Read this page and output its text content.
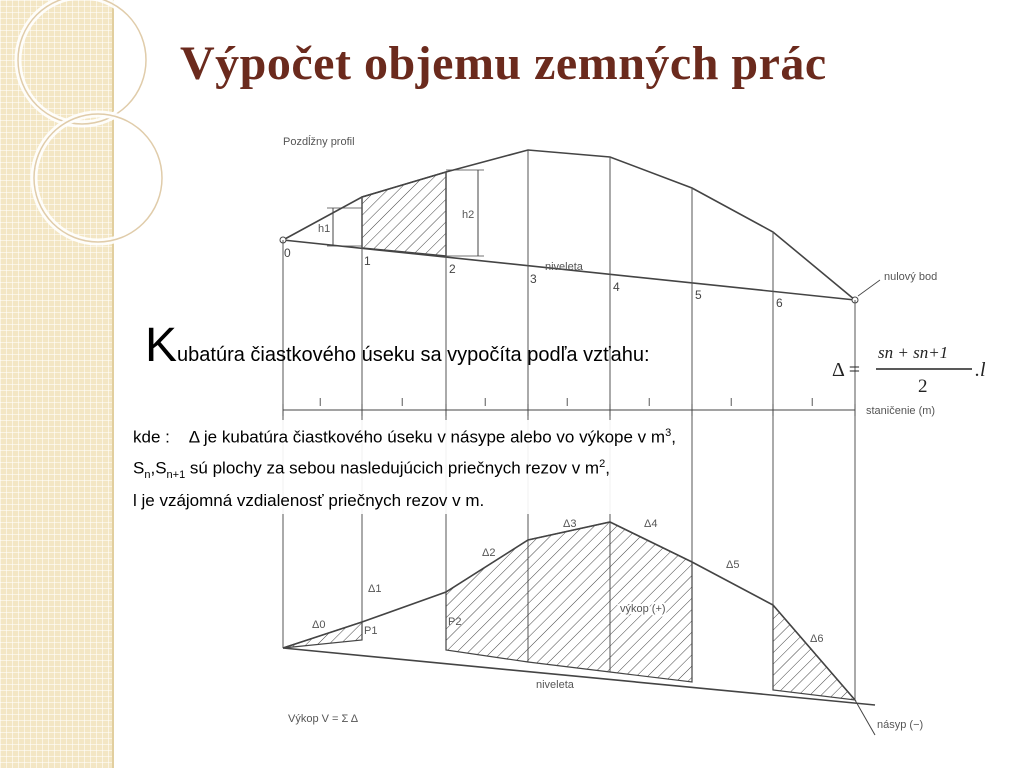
Výpočet objemu zemných prác
Pozdĺžny profil
h1
h2
0
1
2
3
4
5
6
niveleta
nulový bod
l	l	l	l	l	l	l
staničenie (m)
Δ0
Δ1
Δ2
Δ3	Δ4
Δ5
Δ6
P1
P2
výkop (+)
niveleta
Výkop V = Σ Δ	násyp (−)
Kubatúra čiastkového úseku sa vypočíta podľa vzťahu:
Δ =
sn + sn+1
2
.l
kde : Δ je kubatúra čiastkového úseku v násype alebo vo výkope v $m^3$,
$S_n,S_{n+1}$ sú plochy za sebou nasledujúcich priečnych rezov v $m^2$,
l je vzájomná vzdialenosť priečnych rezov v m.
